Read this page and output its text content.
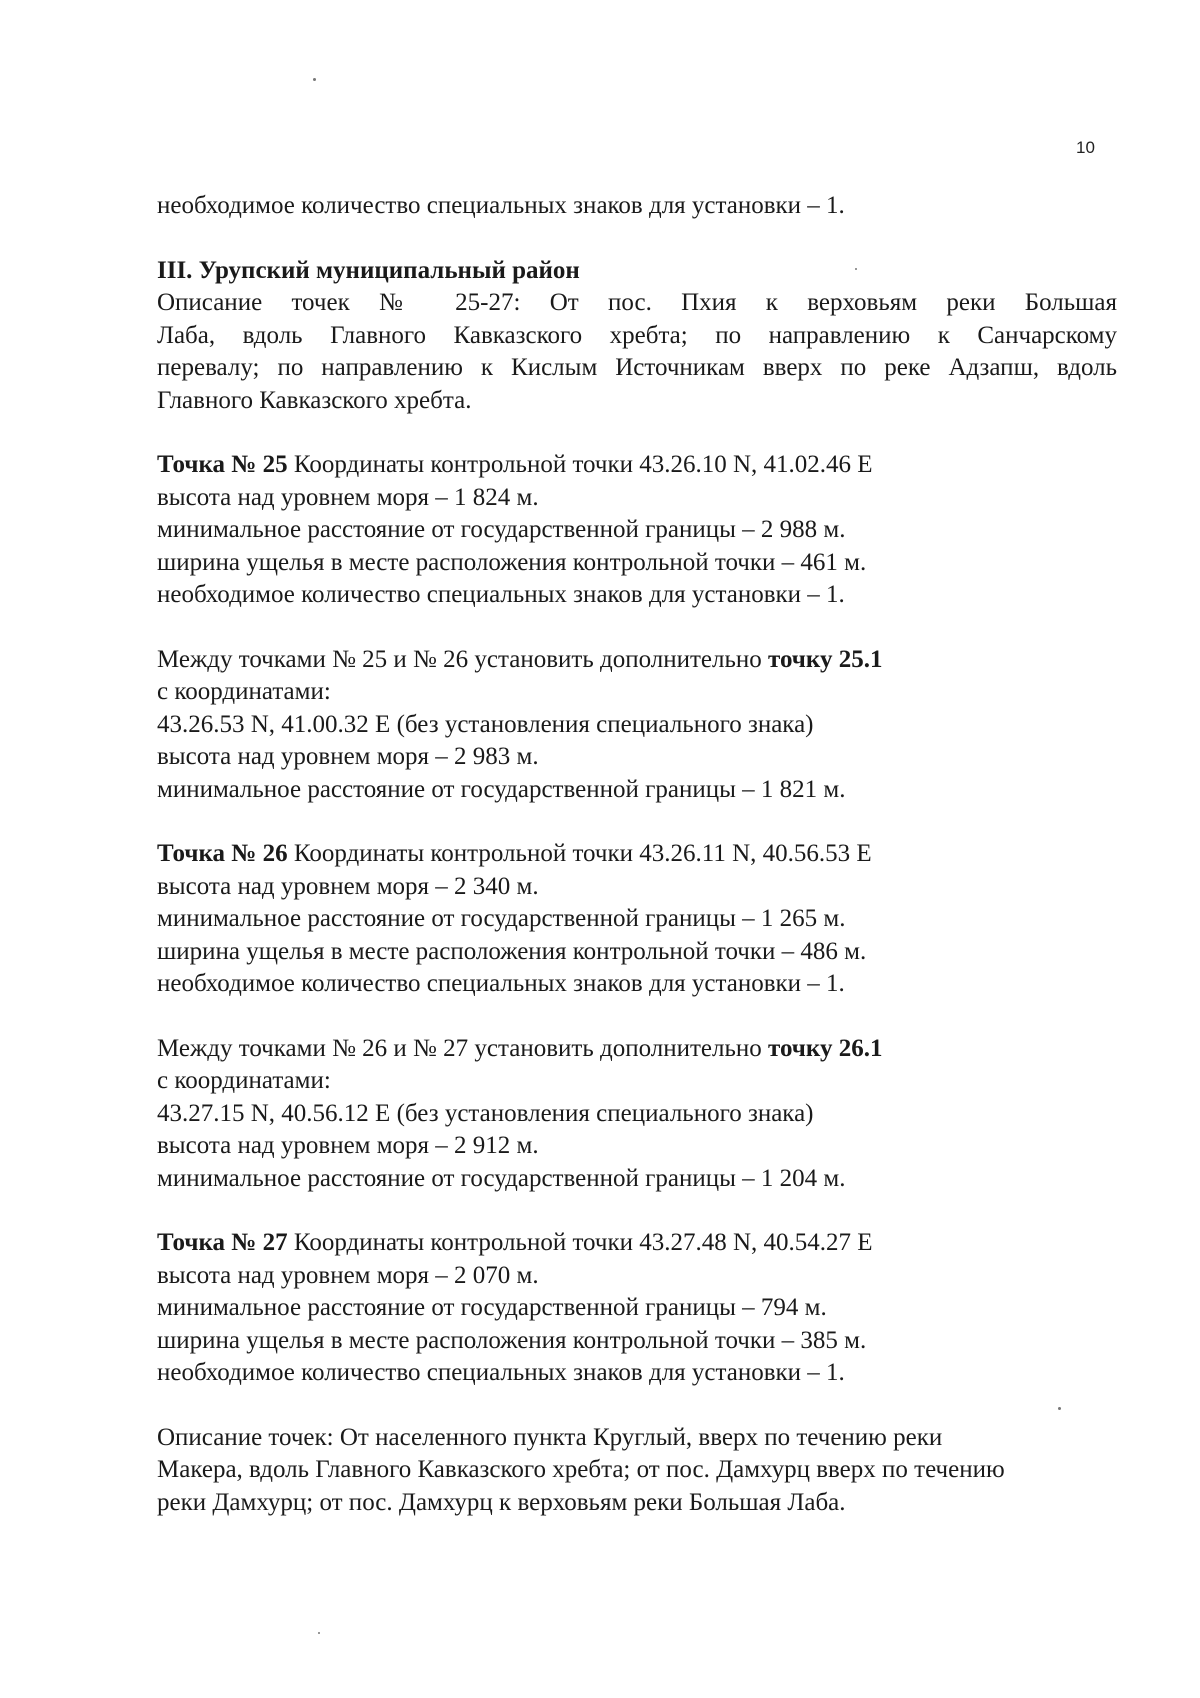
10
необходимое количество специальных знаков для установки – 1.
III. Урупский муниципальный район
Описание точек № 25-27: От пос. Пхия к верховьям реки Большая
Лаба, вдоль Главного Кавказского хребта; по направлению к Санчарскому
перевалу; по направлению к Кислым Источникам вверх по реке Адзапш, вдоль
Главного Кавказского хребта.
Точка № 25 Координаты контрольной точки 43.26.10 N, 41.02.46 E
высота над уровнем моря – 1 824 м.
минимальное расстояние от государственной границы – 2 988 м.
ширина ущелья в месте расположения контрольной точки – 461 м.
необходимое количество специальных знаков для установки – 1.
Между точками № 25 и № 26 установить дополнительно точку 25.1
с координатами:
43.26.53 N, 41.00.32 E (без установления специального знака)
высота над уровнем моря – 2 983 м.
минимальное расстояние от государственной границы – 1 821 м.
Точка № 26 Координаты контрольной точки 43.26.11 N, 40.56.53 E
высота над уровнем моря – 2 340 м.
минимальное расстояние от государственной границы – 1 265 м.
ширина ущелья в месте расположения контрольной точки – 486 м.
необходимое количество специальных знаков для установки – 1.
Между точками № 26 и № 27 установить дополнительно точку 26.1
с координатами:
43.27.15 N, 40.56.12 E (без установления специального знака)
высота над уровнем моря – 2 912 м.
минимальное расстояние от государственной границы – 1 204 м.
Точка № 27 Координаты контрольной точки 43.27.48 N, 40.54.27 E
высота над уровнем моря – 2 070 м.
минимальное расстояние от государственной границы – 794 м.
ширина ущелья в месте расположения контрольной точки – 385 м.
необходимое количество специальных знаков для установки – 1.
Описание точек: От населенного пункта Круглый, вверх по течению реки
Макера, вдоль Главного Кавказского хребта; от пос. Дамхурц вверх по течению
реки Дамхурц; от пос. Дамхурц к верховьям реки Большая Лаба.
